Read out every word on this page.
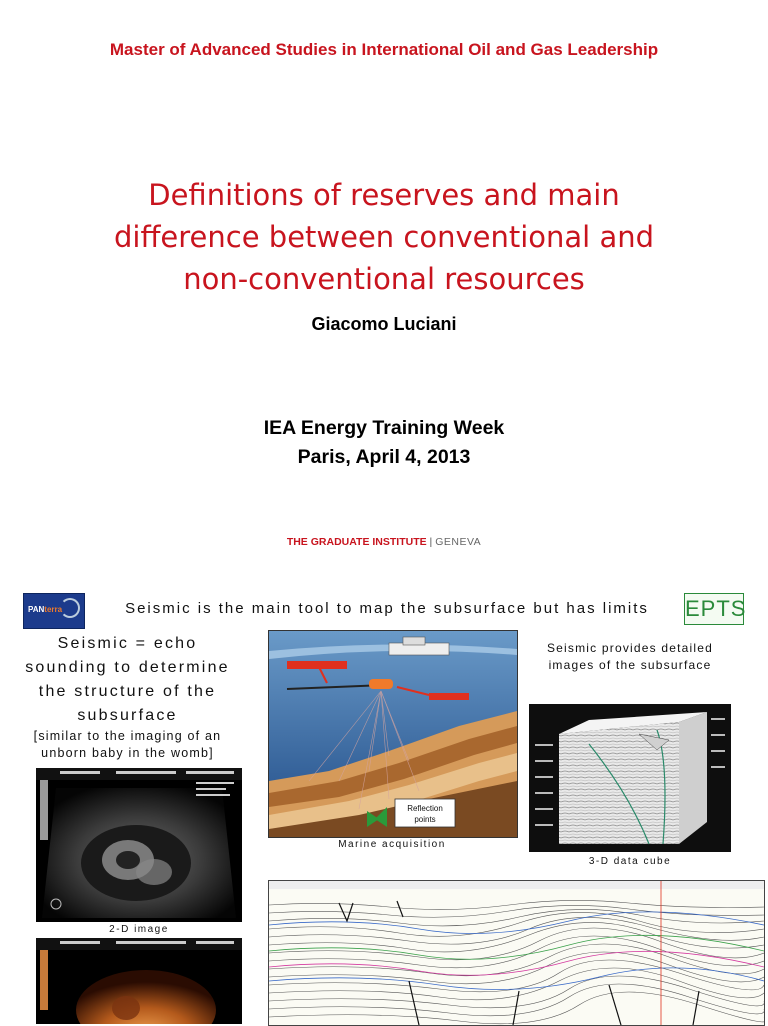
Master of Advanced Studies in International Oil and Gas Leadership
Definitions of reserves and main
difference between conventional and
non-conventional resources
Giacomo Luciani
IEA Energy Training Week
Paris, April 4, 2013
THE GRADUATE INSTITUTE | GENEVA
PANterra	Seismic is the main tool to map the subsurface but has limits	EPTS
Seismic = echo
sounding to determine
the structure of the
subsurface
[similar to the imaging of an
unborn baby in the womb]
2-D image
Reflection
points
Marine acquisition
Seismic provides detailed
images of the subsurface
3-D data cube
